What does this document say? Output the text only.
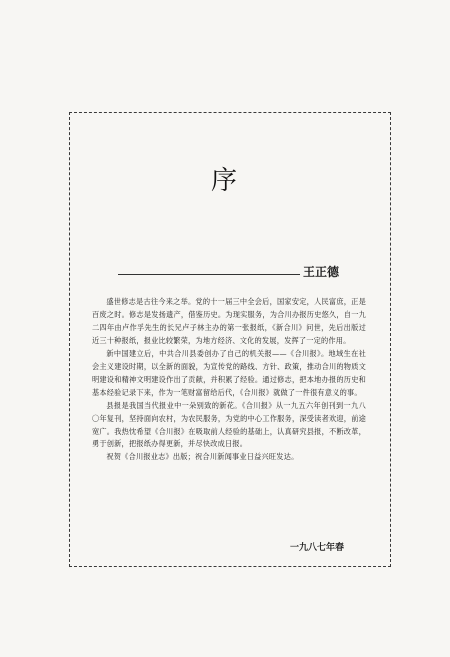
序
王正德

盛世修志是古往今来之举。党的十一届三中全会后，国家安定，人民富庶，正是百废之时。修志是发扬遗产，借鉴历史。为现实服务，为合川办报历史悠久，自一九二四年由卢作孚先生的长兄卢子林主办的第一张报纸，《新合川》问世，先后出版过近三十种报纸，报业比较繁荣，为地方经济、文化的发展，发挥了一定的作用。

新中国建立后，中共合川县委创办了自己的机关报——《合川报》。地域生在社会主义建设时期，以全新的面貌，为宣传党的路线、方针、政策，推动合川的物质文明建设和精神文明建设作出了贡献，并积累了经验。通过修志，把本地办报的历史和基本经验记录下来，作为一笔财富留给后代，《合川报》就做了一件很有意义的事。

县报是我国当代报业中一朵别致的新花。《合川报》从一九五六年创刊到一九八〇年复刊，坚持面向农村，为农民服务，为党的中心工作服务，深受读者欢迎，前途宽广。我热忱希望《合川报》在吸取前人经验的基础上，认真研究县报，不断改革，勇于创新，把报纸办得更新，并尽快改成日报。

祝贺《合川报业志》出版；祝合川新闻事业日益兴旺发达。

一九八七年春
